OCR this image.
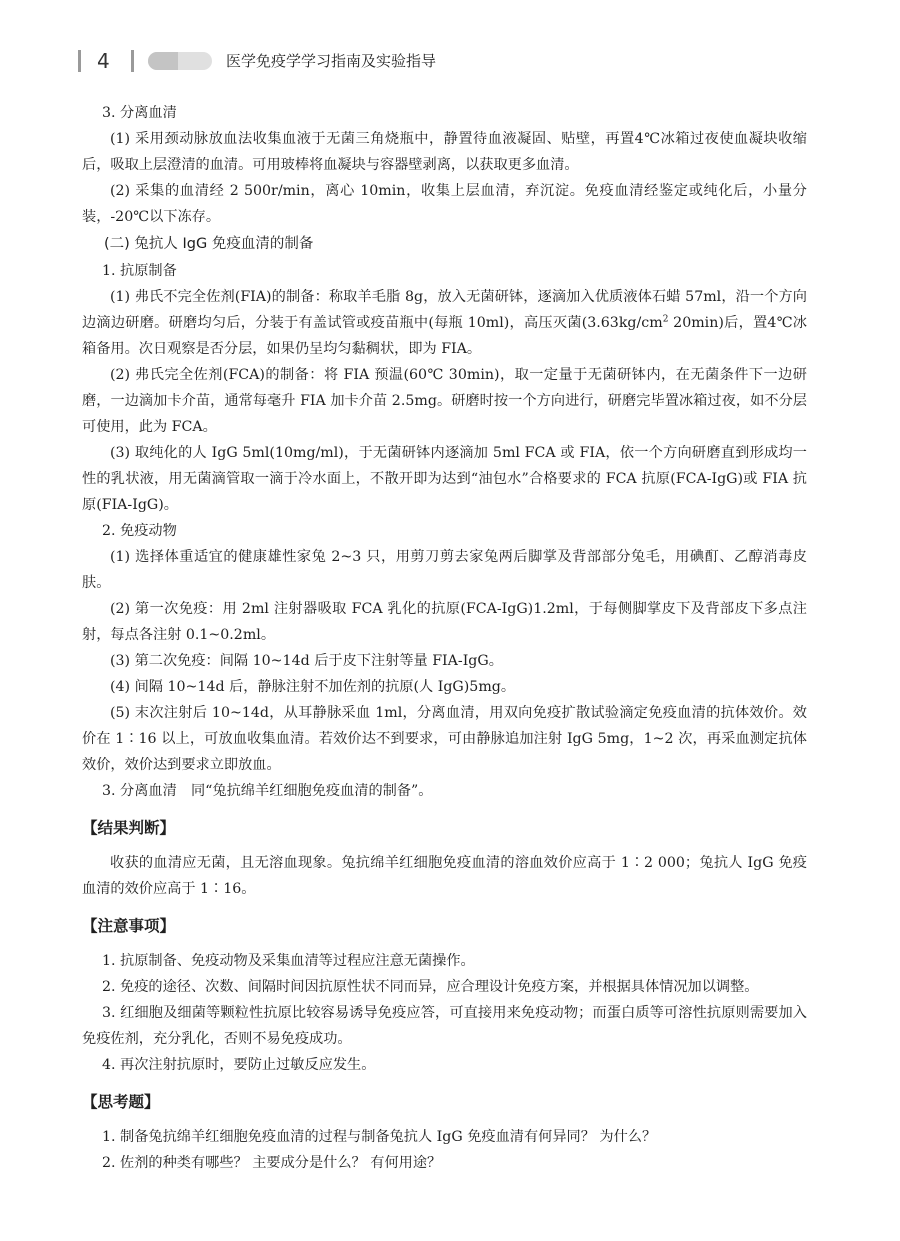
4	医学免疫学学习指南及实验指导

3. 分离血清

(1) 采用颈动脉放血法收集血液于无菌三角烧瓶中，静置待血液凝固、贴壁，再置4℃冰箱过夜使血凝块收缩后，吸取上层澄清的血清。可用玻棒将血凝块与容器壁剥离，以获取更多血清。

(2) 采集的血清经 2 500r/min，离心 10min，收集上层血清，弃沉淀。免疫血清经鉴定或纯化后，小量分装，-20℃以下冻存。

(二) 兔抗人 IgG 免疫血清的制备

1. 抗原制备

(1) 弗氏不完全佐剂(FIA)的制备：称取羊毛脂 8g，放入无菌研钵，逐滴加入优质液体石蜡 57ml，沿一个方向边滴边研磨。研磨均匀后，分装于有盖试管或疫苗瓶中(每瓶 10ml)，高压灭菌($3.63kg/cm^2$ 20min)后，置4℃冰箱备用。次日观察是否分层，如果仍呈均匀黏稠状，即为 FIA。

(2) 弗氏完全佐剂(FCA)的制备：将 FIA 预温(60℃ 30min)，取一定量于无菌研钵内，在无菌条件下一边研磨，一边滴加卡介苗，通常每毫升 FIA 加卡介苗 2.5mg。研磨时按一个方向进行，研磨完毕置冰箱过夜，如不分层可使用，此为 FCA。

(3) 取纯化的人 IgG 5ml(10mg/ml)，于无菌研钵内逐滴加 5ml FCA 或 FIA，依一个方向研磨直到形成均一性的乳状液，用无菌滴管取一滴于冷水面上，不散开即为达到“油包水”合格要求的 FCA 抗原(FCA-IgG)或 FIA 抗原(FIA-IgG)。

2. 免疫动物

(1) 选择体重适宜的健康雄性家兔 2~3 只，用剪刀剪去家兔两后脚掌及背部部分兔毛，用碘酊、乙醇消毒皮肤。

(2) 第一次免疫：用 2ml 注射器吸取 FCA 乳化的抗原(FCA-IgG)1.2ml，于每侧脚掌皮下及背部皮下多点注射，每点各注射 0.1~0.2ml。

(3) 第二次免疫：间隔 10~14d 后于皮下注射等量 FIA-IgG。

(4) 间隔 10~14d 后，静脉注射不加佐剂的抗原(人 IgG)5mg。

(5) 末次注射后 10~14d，从耳静脉采血 1ml，分离血清，用双向免疫扩散试验滴定免疫血清的抗体效价。效价在 1∶16 以上，可放血收集血清。若效价达不到要求，可由静脉追加注射 IgG 5mg，1~2 次，再采血测定抗体效价，效价达到要求立即放血。

3. 分离血清　同“兔抗绵羊红细胞免疫血清的制备”。

【结果判断】

收获的血清应无菌，且无溶血现象。兔抗绵羊红细胞免疫血清的溶血效价应高于 1∶2 000；兔抗人 IgG 免疫血清的效价应高于 1∶16。

【注意事项】

1. 抗原制备、免疫动物及采集血清等过程应注意无菌操作。

2. 免疫的途径、次数、间隔时间因抗原性状不同而异，应合理设计免疫方案，并根据具体情况加以调整。

3. 红细胞及细菌等颗粒性抗原比较容易诱导免疫应答，可直接用来免疫动物；而蛋白质等可溶性抗原则需要加入免疫佐剂，充分乳化，否则不易免疫成功。

4. 再次注射抗原时，要防止过敏反应发生。

【思考题】

1. 制备兔抗绵羊红细胞免疫血清的过程与制备兔抗人 IgG 免疫血清有何异同？ 为什么？

2. 佐剂的种类有哪些？ 主要成分是什么？ 有何用途？
